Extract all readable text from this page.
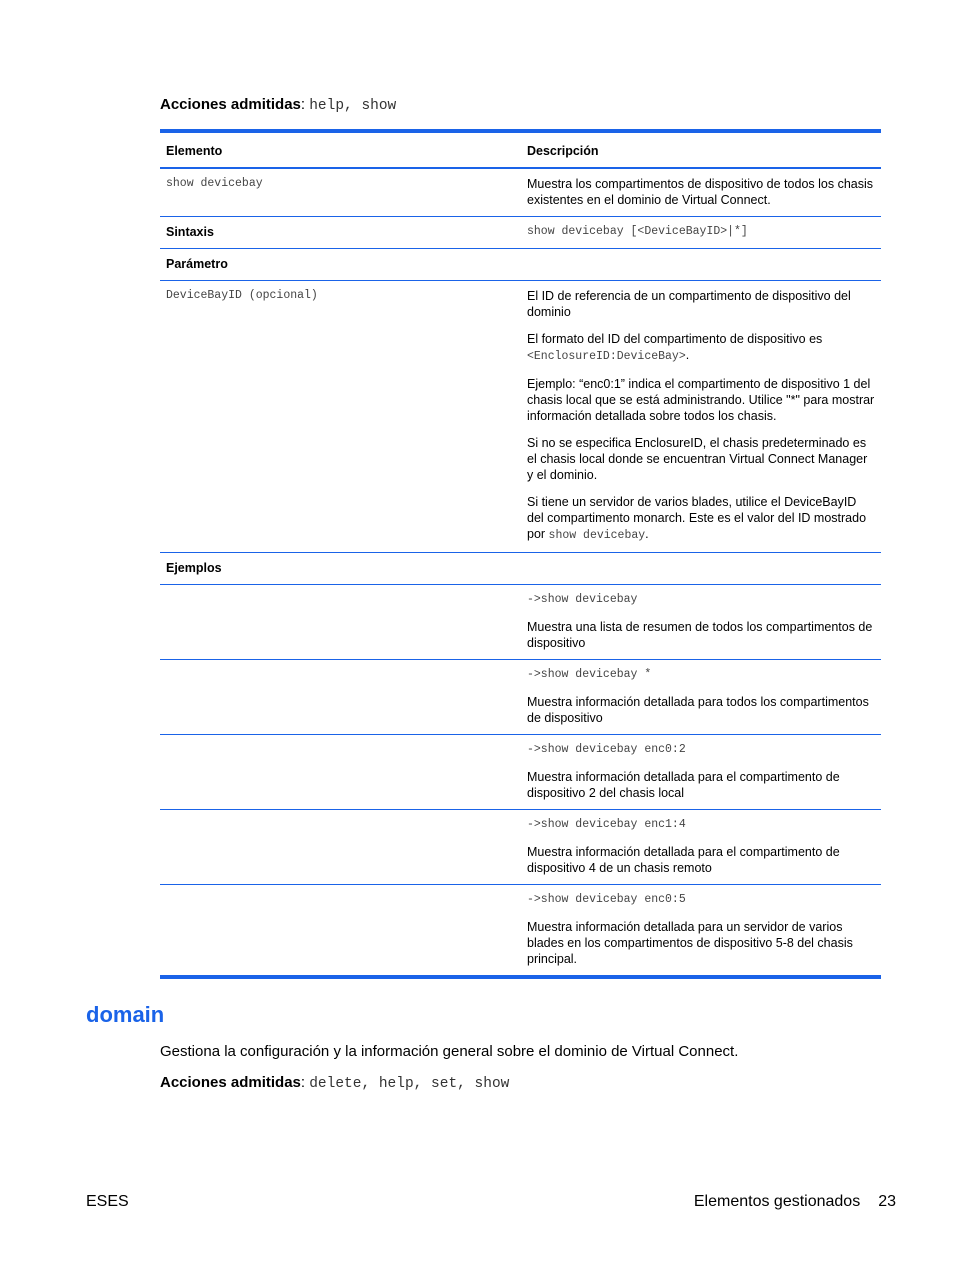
Acciones admitidas: help, show
Elemento	Descripción
show devicebay	Muestra los compartimentos de dispositivo de todos los chasis existentes en el dominio de Virtual Connect.
Sintaxis	show devicebay [<DeviceBayID>|*]
Parámetro	
DeviceBayID (opcional)	El ID de referencia de un compartimento de dispositivo del dominio

El formato del ID del compartimento de dispositivo es <EnclosureID:DeviceBay>.

Ejemplo: “enc0:1” indica el compartimento de dispositivo 1 del chasis local que se está administrando. Utilice "*" para mostrar información detallada sobre todos los chasis.

Si no se especifica EnclosureID, el chasis predeterminado es el chasis local donde se encuentran Virtual Connect Manager y el dominio.

Si tiene un servidor de varios blades, utilice el DeviceBayID del compartimento monarch. Este es el valor del ID mostrado por show devicebay.

Ejemplos	

	->show devicebay

Muestra una lista de resumen de todos los compartimentos de dispositivo

	->show devicebay *

Muestra información detallada para todos los compartimentos de dispositivo

	->show devicebay enc0:2

Muestra información detallada para el compartimento de dispositivo 2 del chasis local

	->show devicebay enc1:4

Muestra información detallada para el compartimento de dispositivo 4 de un chasis remoto

	->show devicebay enc0:5

Muestra información detallada para un servidor de varios blades en los compartimentos de dispositivo 5-8 del chasis principal.

domain

Gestiona la configuración y la información general sobre el dominio de Virtual Connect.

Acciones admitidas: delete, help, set, show
ESES	Elementos gestionados 23
